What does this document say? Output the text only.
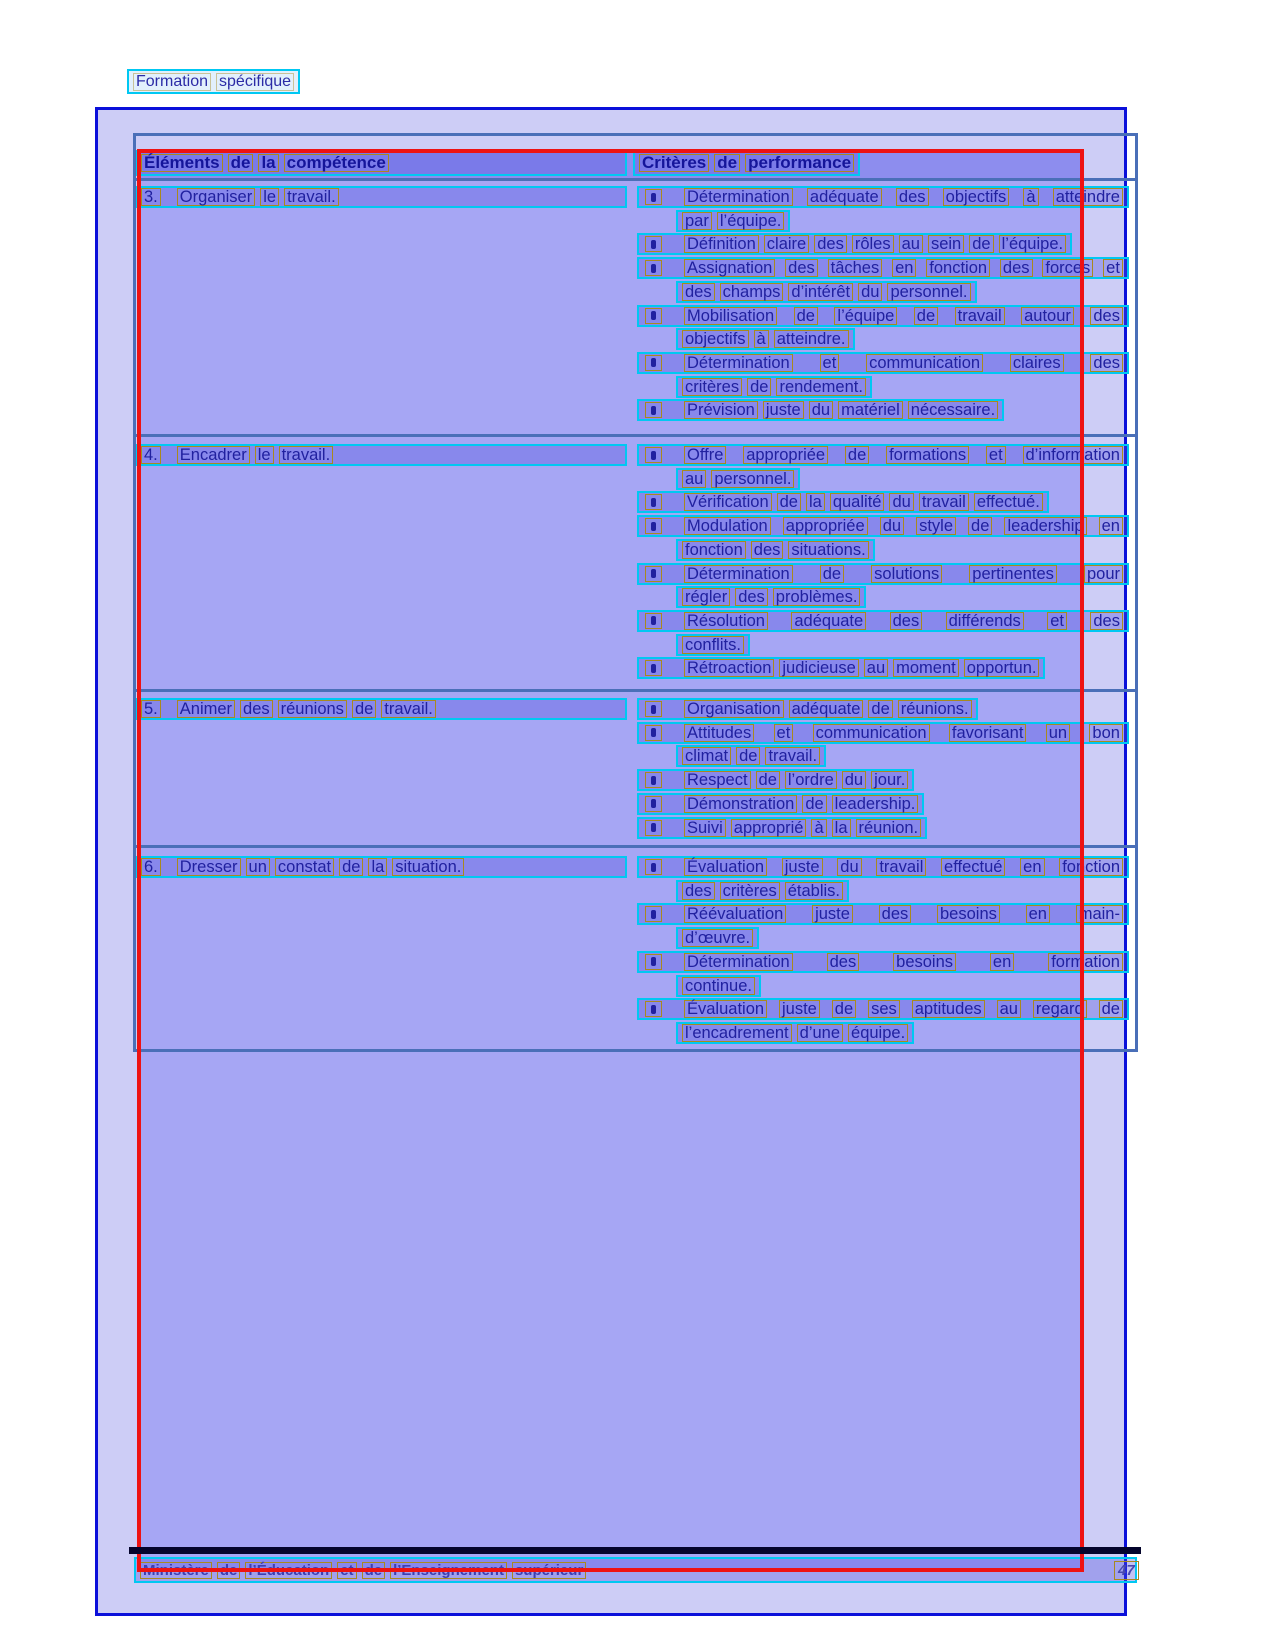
Formation spécifique
Éléments de la compétence	Critères de performance
3. Organiser le travail.	Détermination adéquate des objectifs à atteindre
par l’équipe.
Définition claire des rôles au sein de l’équipe.
Assignation des tâches en fonction des forces et
des champs d’intérêt du personnel.
Mobilisation de l’équipe de travail autour des
objectifs à atteindre.
Détermination et communication claires des
critères de rendement.
Prévision juste du matériel nécessaire.
4. Encadrer le travail.	Offre appropriée de formations et d’information
au personnel.
Vérification de la qualité du travail effectué.
Modulation appropriée du style de leadership en
fonction des situations.
Détermination de solutions pertinentes pour
régler des problèmes.
Résolution adéquate des différends et des
conflits.
Rétroaction judicieuse au moment opportun.
5. Animer des réunions de travail.	Organisation adéquate de réunions.
Attitudes et communication favorisant un bon
climat de travail.
Respect de l’ordre du jour.
Démonstration de leadership.
Suivi approprié à la réunion.
6. Dresser un constat de la situation.	Évaluation juste du travail effectué en fonction
des critères établis.
Réévaluation juste des besoins en main-
d’œuvre.
Détermination des besoins en formation
continue.
Évaluation juste de ses aptitudes au regard de
l’encadrement d’une équipe.
Ministère de l’Éducation et de l’Enseignement supérieur	47
